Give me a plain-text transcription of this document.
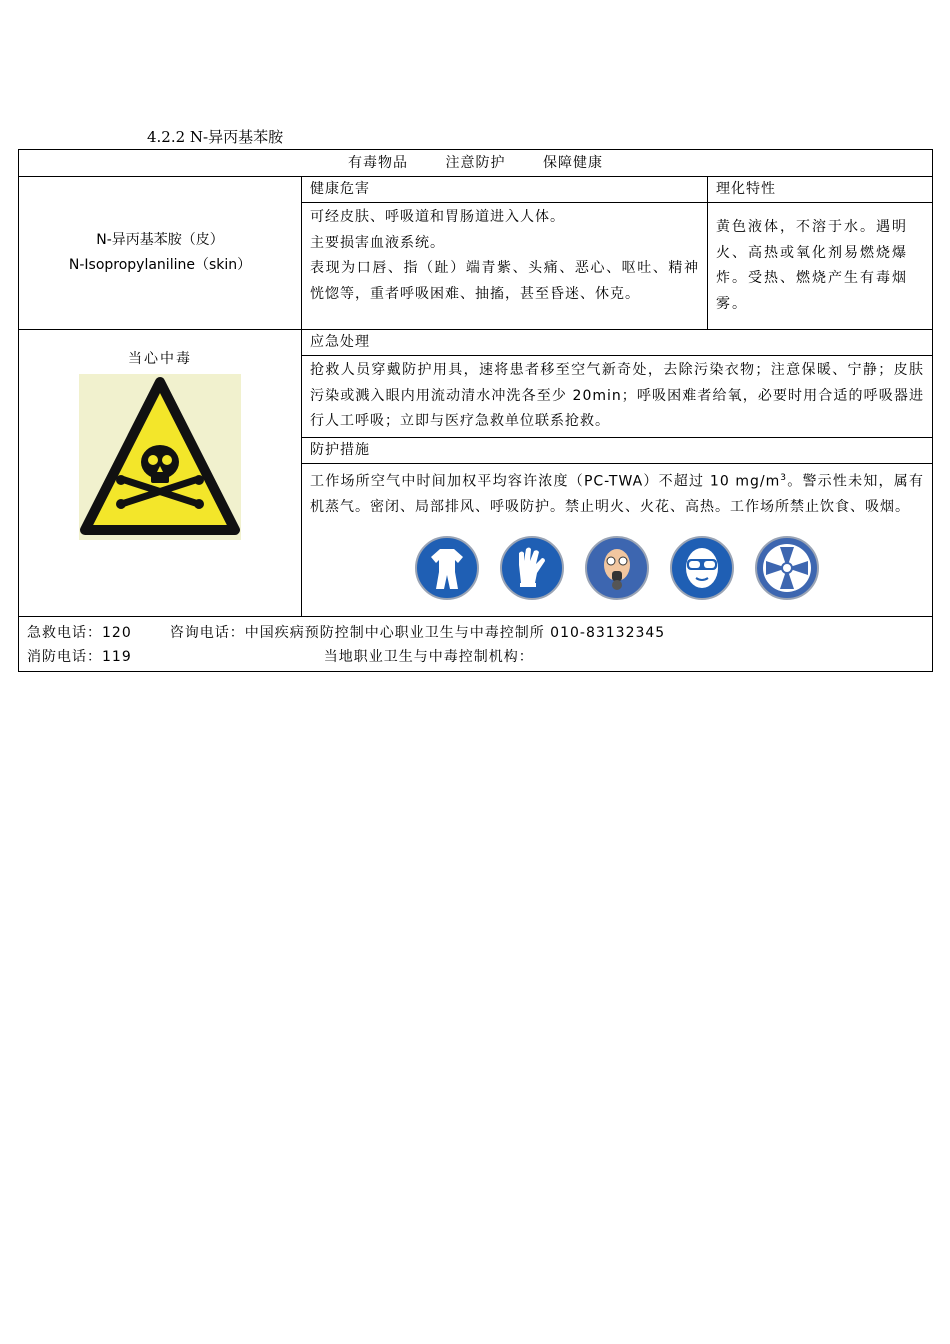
4.2.2 N-异丙基苯胺
有毒物品 注意防护 保障健康		

N-异丙基苯胺（皮）
N-Isopropylaniline（skin）	健康危害	理化特性

	可经皮肤、呼吸道和胃肠道进入人体。
主要损害血液系统。
表现为口唇、指（趾）端青紫、头痛、恶心、呕吐、精神恍惚等，重者呼吸困难、抽搐，甚至昏迷、休克。	黄色液体，不溶于水。遇明火、高热或氧化剂易燃烧爆炸。受热、燃烧产生有毒烟雾。

当心中毒	应急处理	
	抢救人员穿戴防护用具，速将患者移至空气新奇处，去除污染衣物；注意保暖、宁静；皮肤污染或溅入眼内用流动清水冲洗各至少 20min；呼吸困难者给氧，必要时用合适的呼吸器进行人工呼吸；立即与医疗急救单位联系抢救。	
	防护措施	

	工作场所空气中时间加权平均容许浓度（PC-TWA）不超过 10 $mg/m^3$。警示性未知，属有机蒸气。密闭、局部排风、呼吸防护。禁止明火、火花、高热。工作场所禁止饮食、吸烟。	

急救电话：120 咨询电话：中国疾病预防控制中心职业卫生与中毒控制所 010-83132345
消防电话：119 当地职业卫生与中毒控制机构：		
